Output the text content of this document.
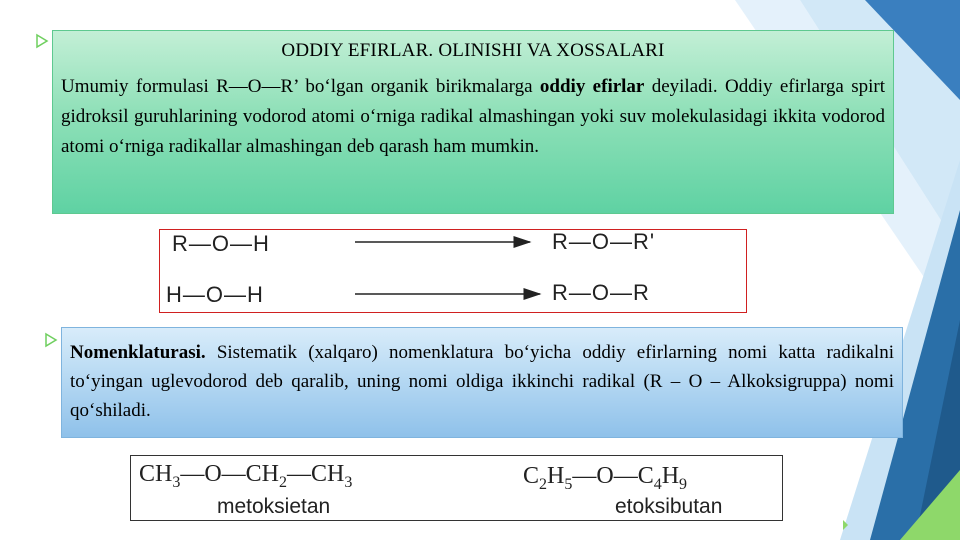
ODDIY EFIRLAR. OLINISHI VA XOSSALARI
Umumiy formulasi R—O—R’ bo‘lgan organik birikmalarga oddiy efirlar deyiladi. Oddiy efirlarga spirt gidroksil guruhlarining vodorod atomi o‘rniga radikal almashingan yoki suv molekulasidagi ikkita vodorod atomi o‘rniga radikallar almashingan deb qarash ham mumkin.
R—O—H	R—O—R'
H—O—H	R—O—R
Nomenklaturasi. Sistematik (xalqaro) nomenklatura bo‘yicha oddiy efirlarning nomi katta radikalni to‘yingan uglevodorod deb qaralib, uning nomi oldiga ikkinchi radikal (R – O – Alkoksigruppa) nomi qo‘shiladi.
$CH_3—O—CH_2—CH_3$
metoksietan
$C_2H_5—O—C_4H_9$
etoksibutan
